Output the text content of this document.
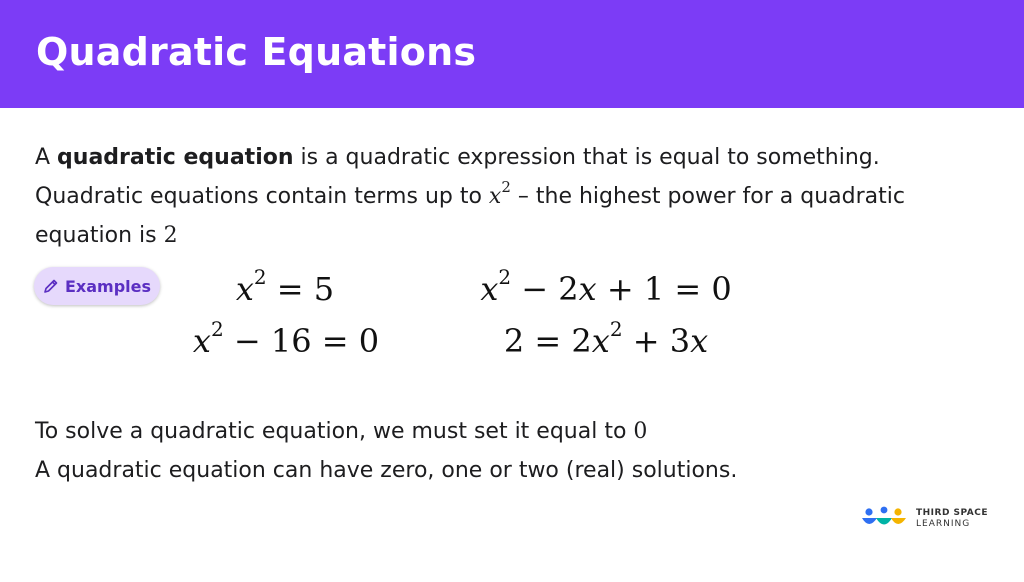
Quadratic Equations
A quadratic equation is a quadratic expression that is equal to something.
Quadratic equations contain terms up to $x^2$ – the highest power for a quadratic
equation is 2
Examples	$x^2 = 5$	$x^2 - 2x + 1 = 0$
$x^2 - 16 = 0$	$2 = 2x^2 + 3x$
To solve a quadratic equation, we must set it equal to 0
A quadratic equation can have zero, one or two (real) solutions.
THIRD SPACE
LEARNING
